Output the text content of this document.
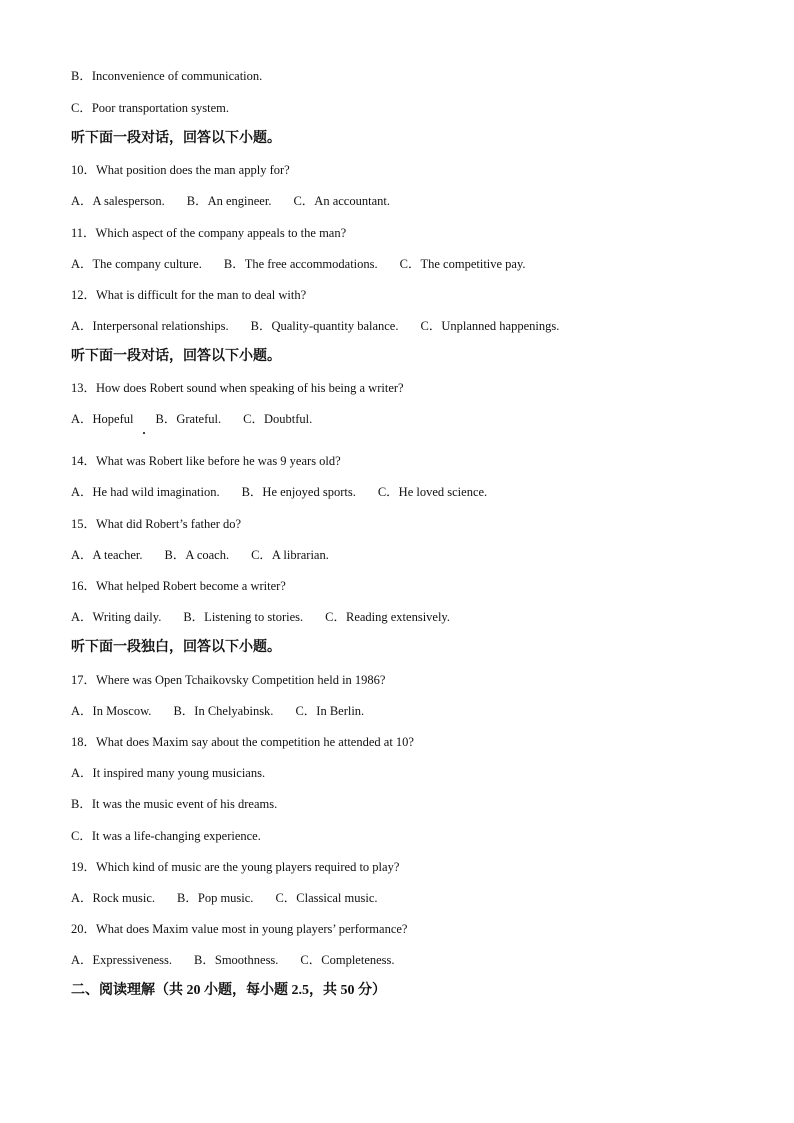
B．Inconvenience of communication.
C．Poor transportation system.
听下面一段对话，回答以下小题。
10．What position does the man apply for?
A．A salesperson. B．An engineer. C．An accountant.
11．Which aspect of the company appeals to the man?
A．The company culture. B．The free accommodations. C．The competitive pay.
12．What is difficult for the man to deal with?
A．Interpersonal relationships. B．Quality-quantity balance. C．Unplanned happenings.
听下面一段对话，回答以下小题。
13．How does Robert sound when speaking of his being a writer?
A．Hopeful B．Grateful. C．Doubtful.
14．What was Robert like before he was 9 years old?
A．He had wild imagination. B．He enjoyed sports. C．He loved science.
15．What did Robert’s father do?
A．A teacher. B．A coach. C．A librarian.
16．What helped Robert become a writer?
A．Writing daily. B．Listening to stories. C．Reading extensively.
听下面一段独白，回答以下小题。
17．Where was Open Tchaikovsky Competition held in 1986?
A．In Moscow. B．In Chelyabinsk. C．In Berlin.
18．What does Maxim say about the competition he attended at 10?
A．It inspired many young musicians.
B．It was the music event of his dreams.
C．It was a life-changing experience.
19．Which kind of music are the young players required to play?
A．Rock music. B．Pop music. C．Classical music.
20．What does Maxim value most in young players’ performance?
A．Expressiveness. B．Smoothness. C．Completeness.
二、阅读理解（共 20 小题，每小题 2.5，共 50 分）
